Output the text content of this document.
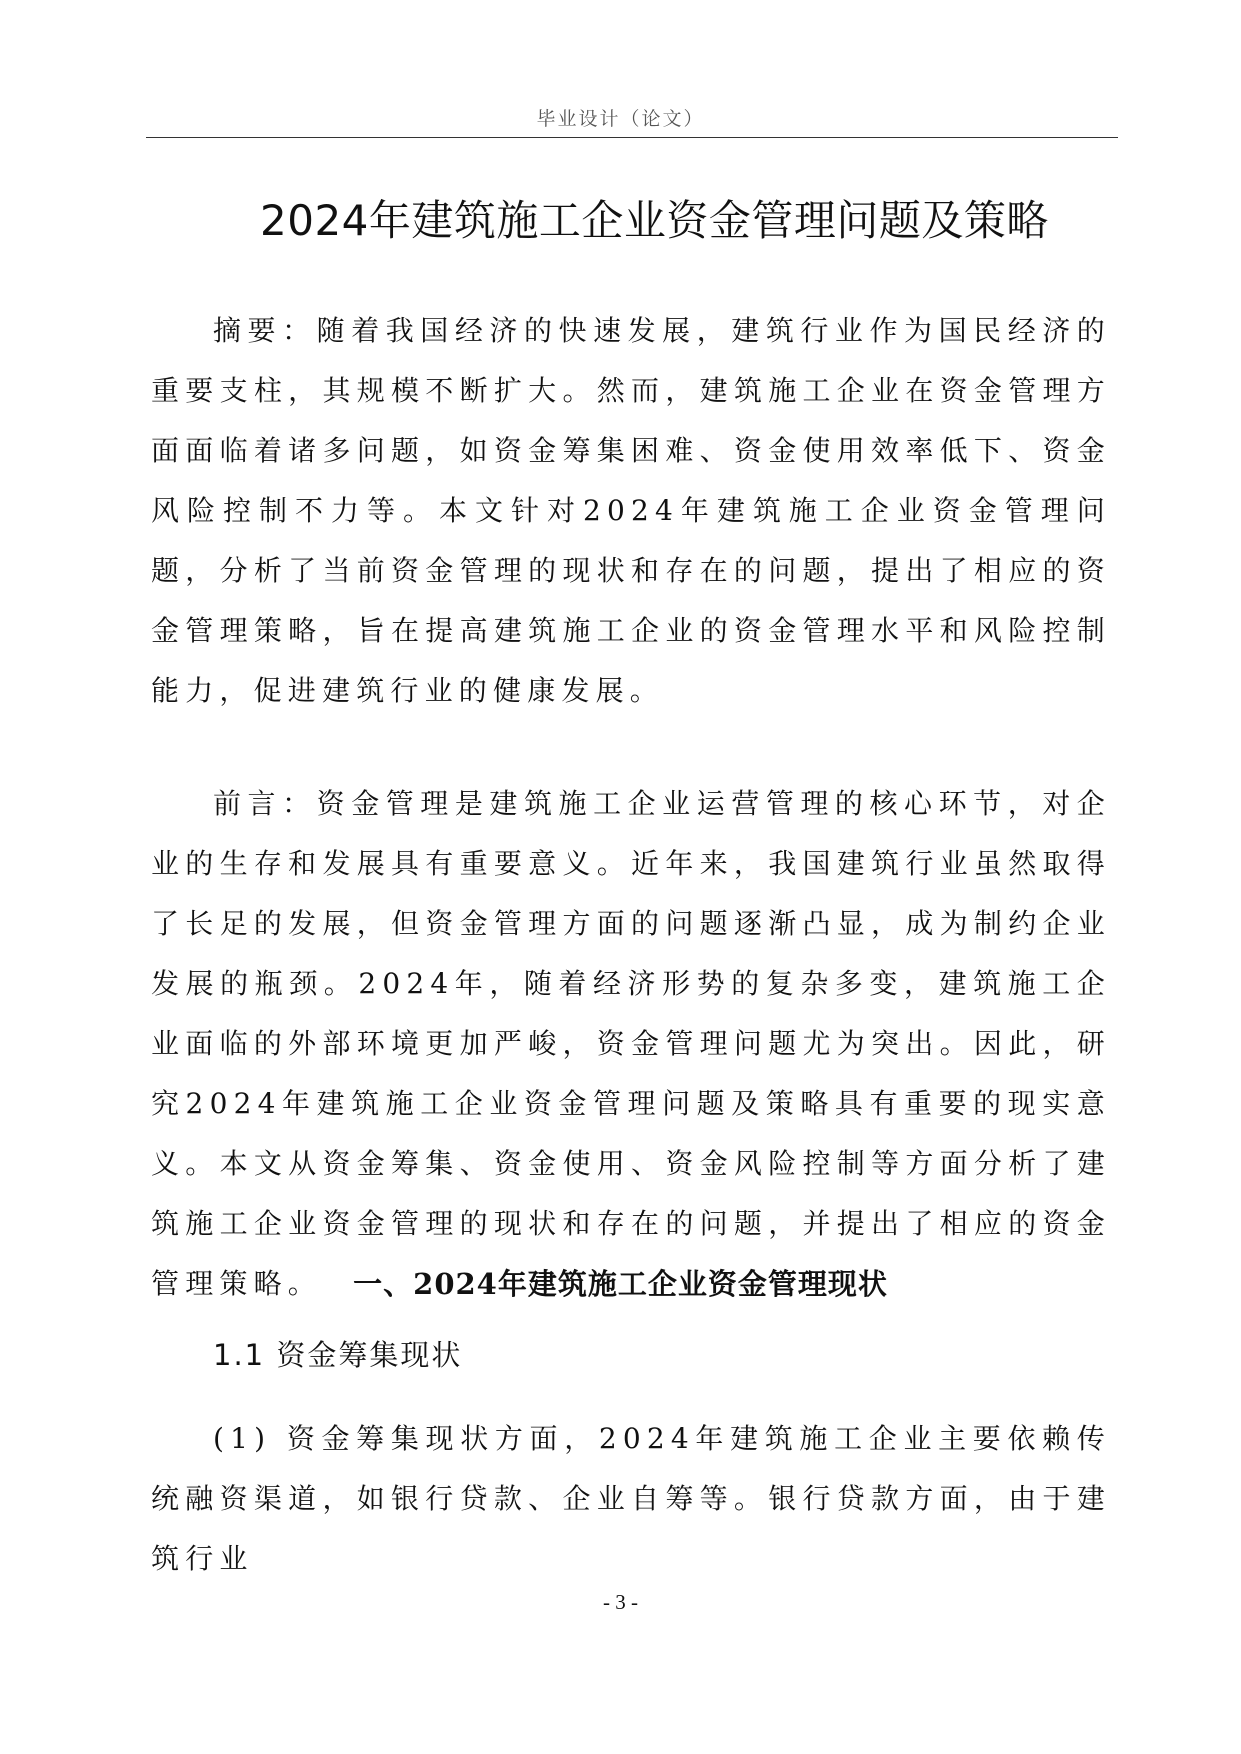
毕业设计（论文）
2024年建筑施工企业资金管理问题及策略

摘要：随着我国经济的快速发展，建筑行业作为国民经济的重要支柱，其规模不断扩大。然而，建筑施工企业在资金管理方面面临着诸多问题，如资金筹集困难、资金使用效率低下、资金风险控制不力等。本文针对2024年建筑施工企业资金管理问题，分析了当前资金管理的现状和存在的问题，提出了相应的资金管理策略，旨在提高建筑施工企业的资金管理水平和风险控制能力，促进建筑行业的健康发展。

前言：资金管理是建筑施工企业运营管理的核心环节，对企业的生存和发展具有重要意义。近年来，我国建筑行业虽然取得了长足的发展，但资金管理方面的问题逐渐凸显，成为制约企业发展的瓶颈。2024年，随着经济形势的复杂多变，建筑施工企业面临的外部环境更加严峻，资金管理问题尤为突出。因此，研究2024年建筑施工企业资金管理问题及策略具有重要的现实意义。本文从资金筹集、资金使用、资金风险控制等方面分析了建筑施工企业资金管理的现状和存在的问题，并提出了相应的资金管理策略。	一、2024年建筑施工企业资金管理现状
1.1 资金筹集现状

(1) 资金筹集现状方面，2024年建筑施工企业主要依赖传统融资渠道，如银行贷款、企业自筹等。银行贷款方面，由于建筑行业

- 3 -
